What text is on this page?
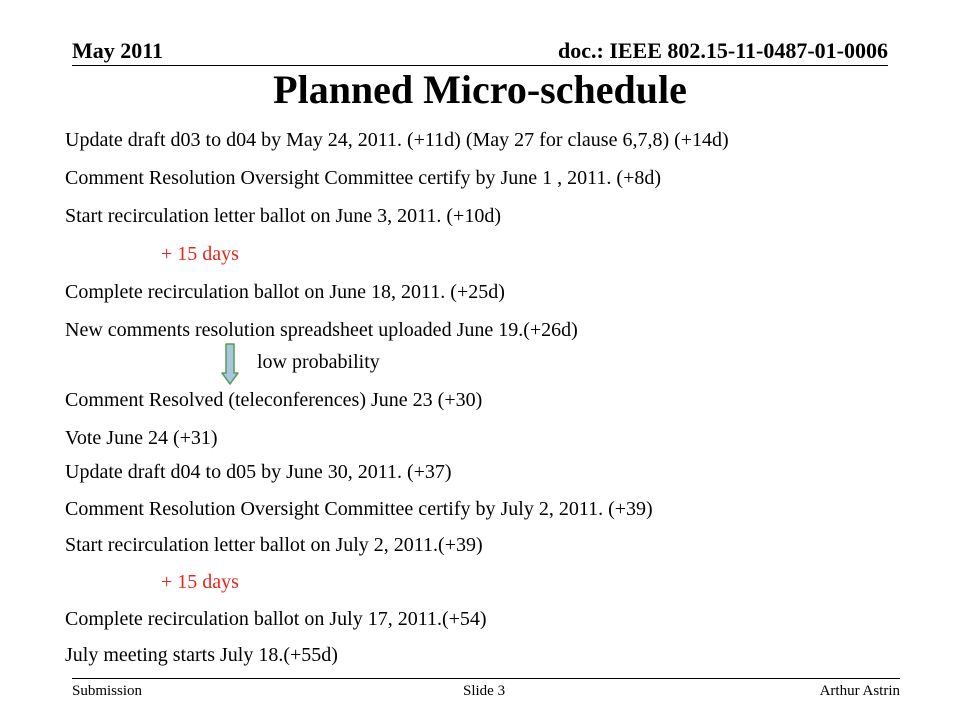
May 2011	doc.: IEEE 802.15-11-0487-01-0006
Planned Micro-schedule
Update draft d03 to d04 by May 24, 2011. (+11d) (May 27 for clause 6,7,8) (+14d)
Comment Resolution Oversight Committee certify by June 1 , 2011. (+8d)
Start recirculation letter ballot on June 3, 2011. (+10d)
+ 15 days
Complete recirculation ballot on June 18, 2011. (+25d)
New comments resolution spreadsheet uploaded June 19.(+26d)
low probability
Comment Resolved (teleconferences) June 23 (+30)
Vote June 24 (+31)
Update draft d04 to d05 by June 30, 2011. (+37)
Comment Resolution Oversight Committee certify by July 2, 2011. (+39)
Start recirculation letter ballot on July 2, 2011.(+39)
+ 15 days
Complete recirculation ballot on July 17, 2011.(+54)
July meeting starts July 18.(+55d)
Submission	Slide 3	Arthur Astrin
